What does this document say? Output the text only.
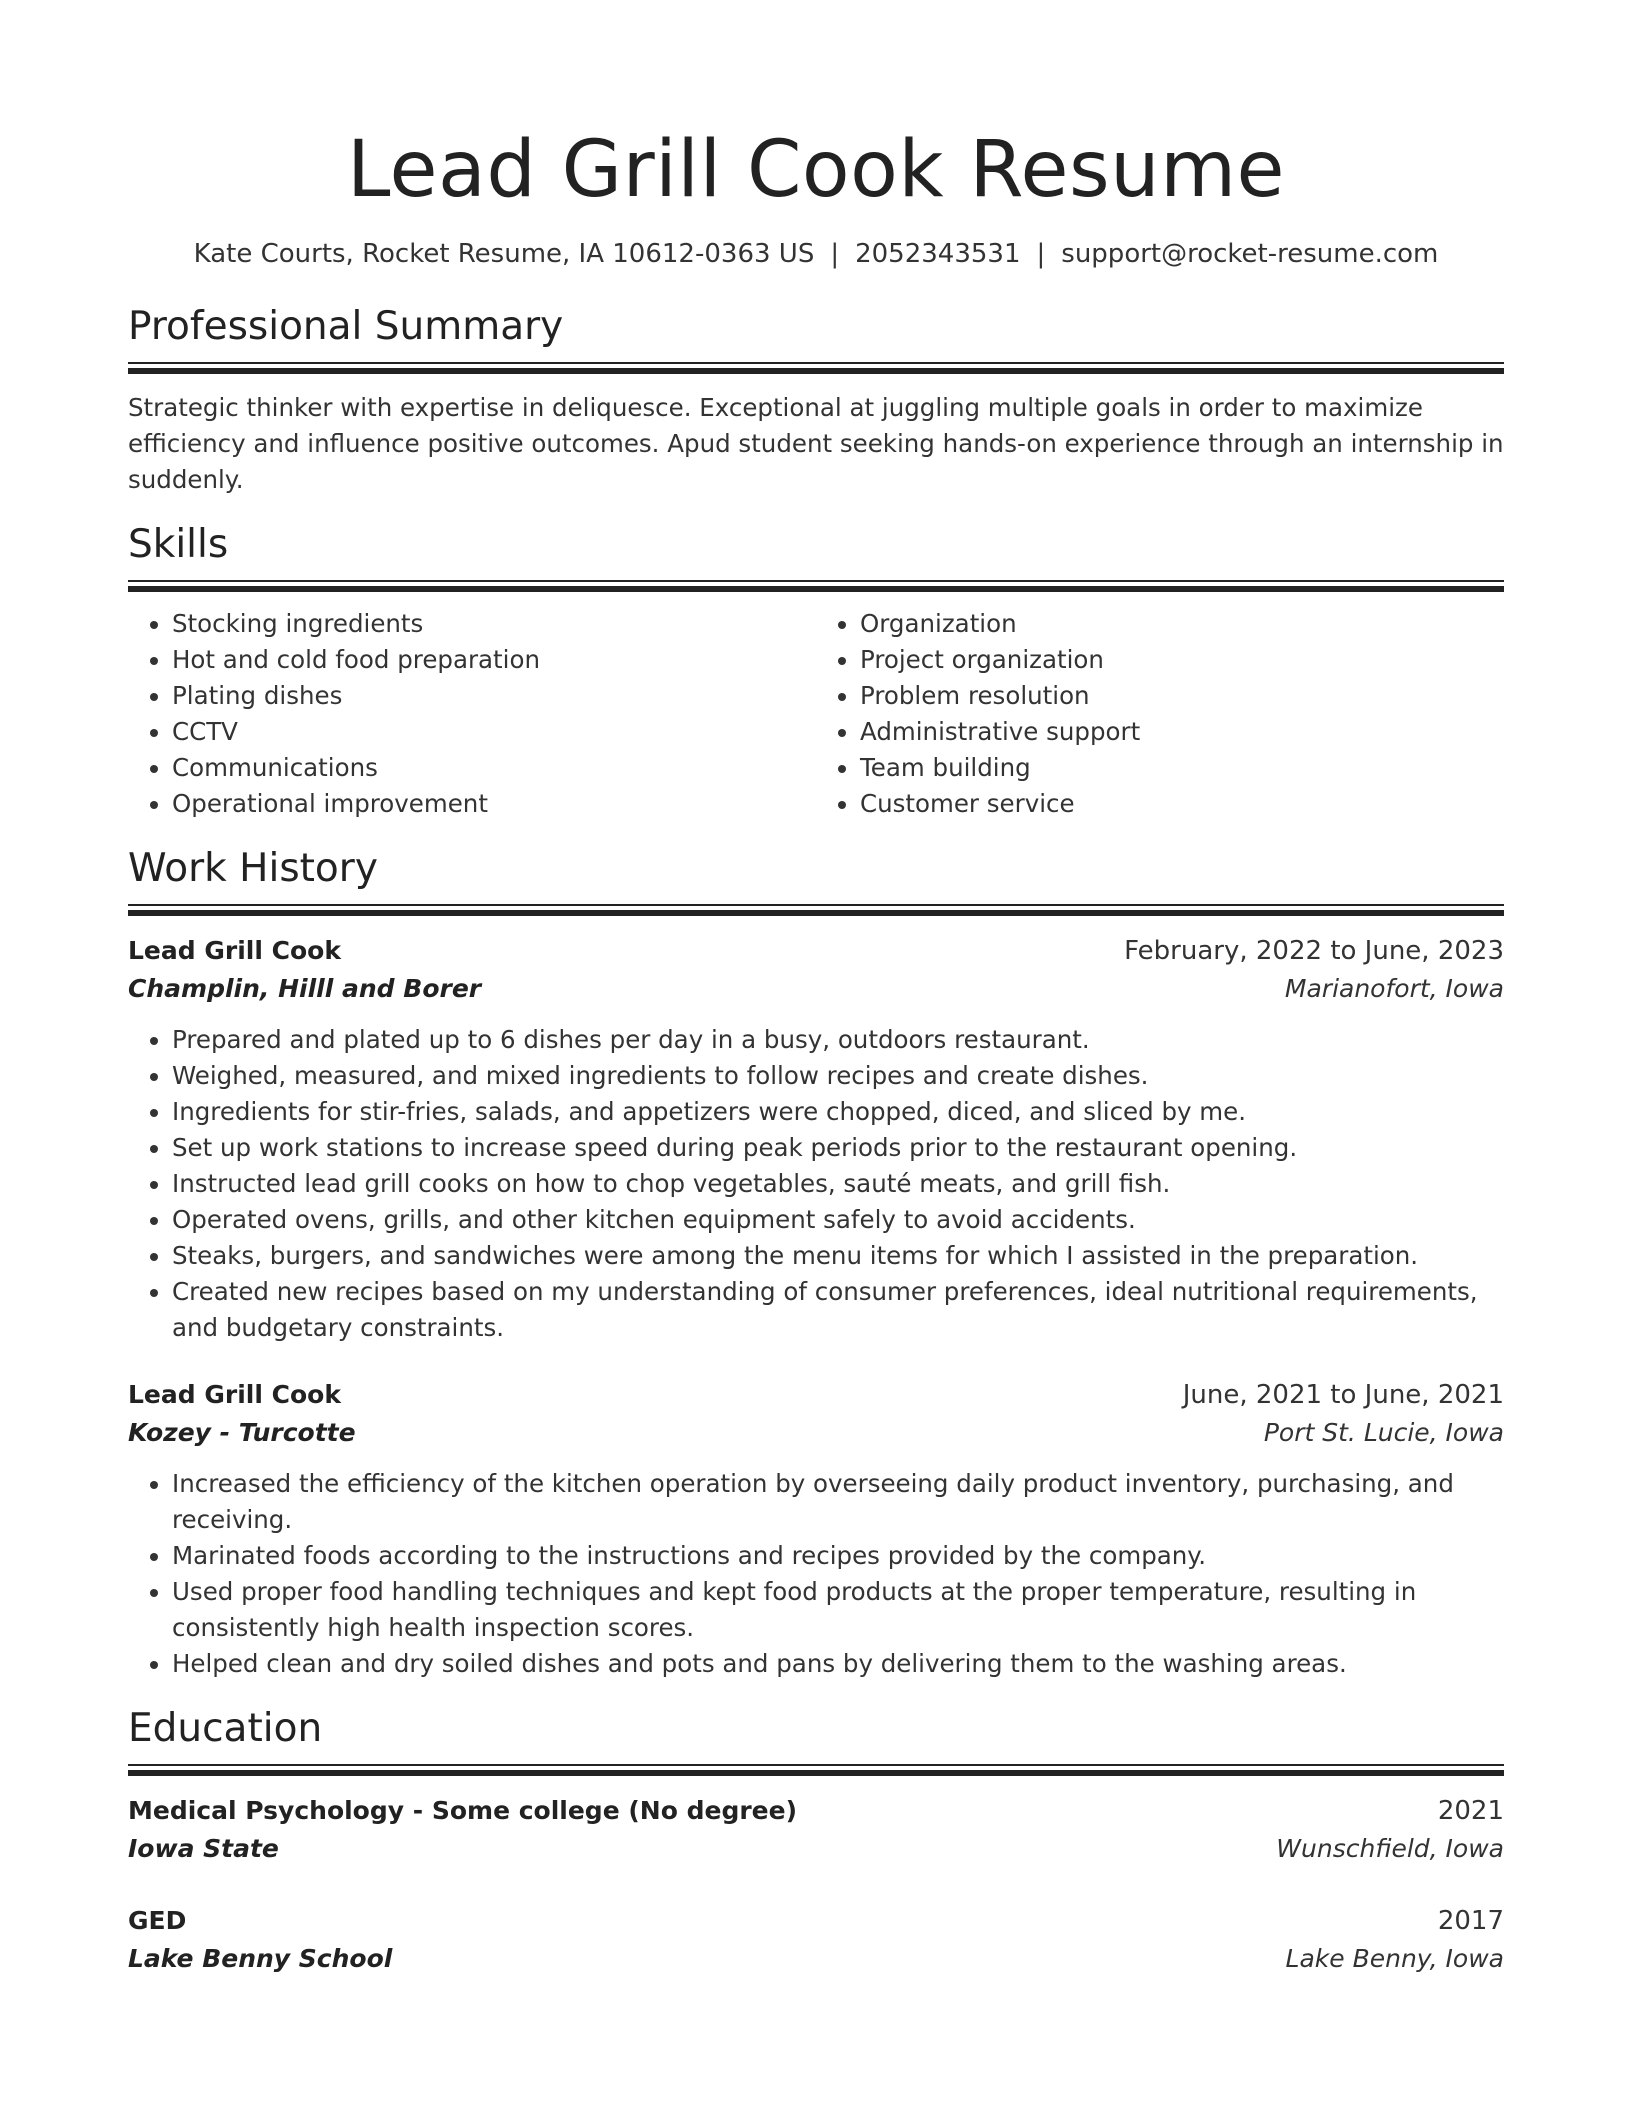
Lead Grill Cook Resume
Kate Courts, Rocket Resume, IA 10612-0363 US | 2052343531 | support@rocket-resume.com
Professional Summary
Strategic thinker with expertise in deliquesce. Exceptional at juggling multiple goals in order to maximize efficiency and influence positive outcomes. Apud student seeking hands-on experience through an internship in suddenly.
Skills
• Stocking ingredients
• Hot and cold food preparation
• Plating dishes
• CCTV
• Communications
• Operational improvement
• Organization
• Project organization
• Problem resolution
• Administrative support
• Team building
• Customer service
Work History
Lead Grill Cook	February, 2022 to June, 2023
Champlin, Hilll and Borer	Marianofort, Iowa
• Prepared and plated up to 6 dishes per day in a busy, outdoors restaurant.
• Weighed, measured, and mixed ingredients to follow recipes and create dishes.
• Ingredients for stir-fries, salads, and appetizers were chopped, diced, and sliced by me.
• Set up work stations to increase speed during peak periods prior to the restaurant opening.
• Instructed lead grill cooks on how to chop vegetables, sauté meats, and grill fish.
• Operated ovens, grills, and other kitchen equipment safely to avoid accidents.
• Steaks, burgers, and sandwiches were among the menu items for which I assisted in the preparation.
• Created new recipes based on my understanding of consumer preferences, ideal nutritional requirements, and budgetary constraints.
Lead Grill Cook	June, 2021 to June, 2021
Kozey - Turcotte	Port St. Lucie, Iowa
• Increased the efficiency of the kitchen operation by overseeing daily product inventory, purchasing, and receiving.
• Marinated foods according to the instructions and recipes provided by the company.
• Used proper food handling techniques and kept food products at the proper temperature, resulting in consistently high health inspection scores.
• Helped clean and dry soiled dishes and pots and pans by delivering them to the washing areas.
Education
Medical Psychology - Some college (No degree)	2021
Iowa State	Wunschfield, Iowa
GED	2017
Lake Benny School	Lake Benny, Iowa
